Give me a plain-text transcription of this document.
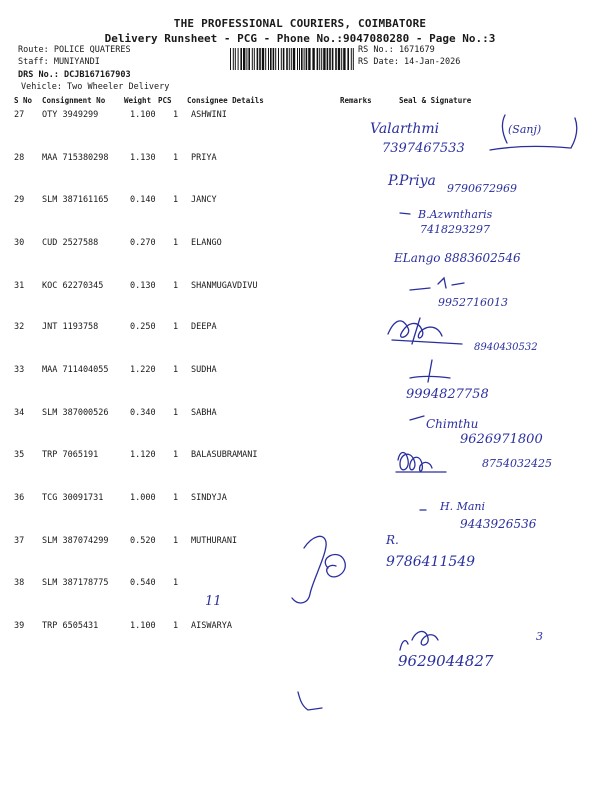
THE PROFESSIONAL COURIERS, COIMBATORE
Delivery Runsheet - PCG - Phone No.:9047080280 - Page No.:3
Route: POLICE QUATERES
Staff: MUNIYANDI
DRS No.: DCJB167167903
Vehicle: Two Wheeler Delivery
RS No.: 1671679
RS Date: 14-Jan-2026
S No Consignment No	Weight PCS Consignee Details	Remarks	Seal & Signature
27 OTY 3949299	1.100 1 ASHWINI
28 MAA 715380298	1.130 1 PRIYA
29 SLM 387161165	0.140 1 JANCY
30 CUD 2527588	0.270 1 ELANGO
31 KOC 62270345	0.130 1 SHANMUGAVDIVU
32 JNT 1193758	0.250 1 DEEPA
33 MAA 711404055	1.220 1 SUDHA
34 SLM 387000526	0.340 1 SABHA
35 TRP 7065191	1.120 1 BALASUBRAMANI
36 TCG 30091731	1.000 1 SINDYJA
37 SLM 387074299	0.520 1 MUTHURANI
38 SLM 387178775	0.540 1
39 TRP 6505431	1.100 1 AISWARYA
Valarthmi
7397467533
(Sanj)
P.Priya 9790672969
B.Azwntharis
7418293297
ELango 8883602546
9952716013
8940430532
9994827758
Chimthu
9626971800
8754032425
H. Mani
9443926536
R.
9786411549
11
9629044827
3
